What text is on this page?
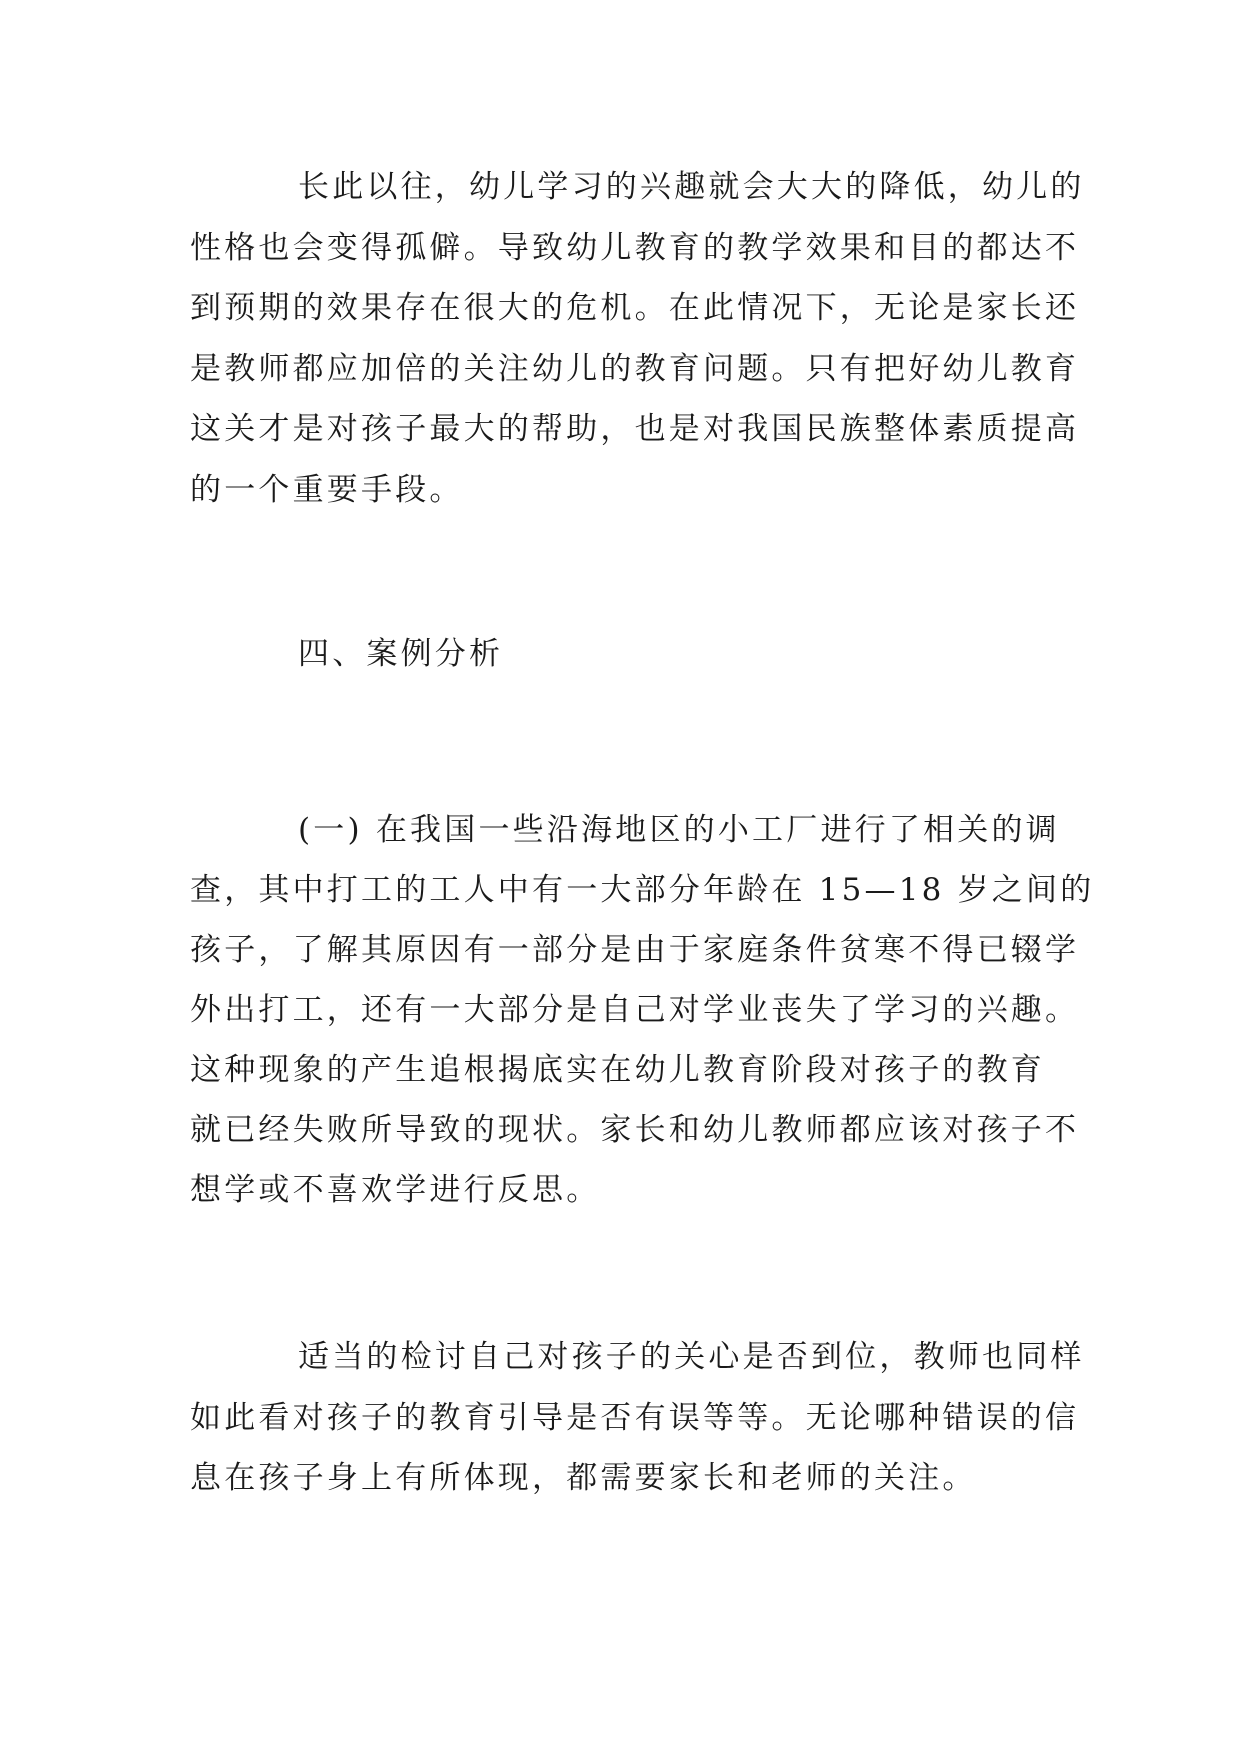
长此以往，幼儿学习的兴趣就会大大的降低，幼儿的
性格也会变得孤僻。导致幼儿教育的教学效果和目的都达不
到预期的效果存在很大的危机。在此情况下，无论是家长还
是教师都应加倍的关注幼儿的教育问题。只有把好幼儿教育
这关才是对孩子最大的帮助，也是对我国民族整体素质提高
的一个重要手段。
四、案例分析
(一) 在我国一些沿海地区的小工厂进行了相关的调
查，其中打工的工人中有一大部分年龄在 15—18 岁之间的
孩子，了解其原因有一部分是由于家庭条件贫寒不得已辍学
外出打工，还有一大部分是自己对学业丧失了学习的兴趣。
这种现象的产生追根揭底实在幼儿教育阶段对孩子的教育
就已经失败所导致的现状。家长和幼儿教师都应该对孩子不
想学或不喜欢学进行反思。
适当的检讨自己对孩子的关心是否到位，教师也同样
如此看对孩子的教育引导是否有误等等。无论哪种错误的信
息在孩子身上有所体现，都需要家长和老师的关注。
